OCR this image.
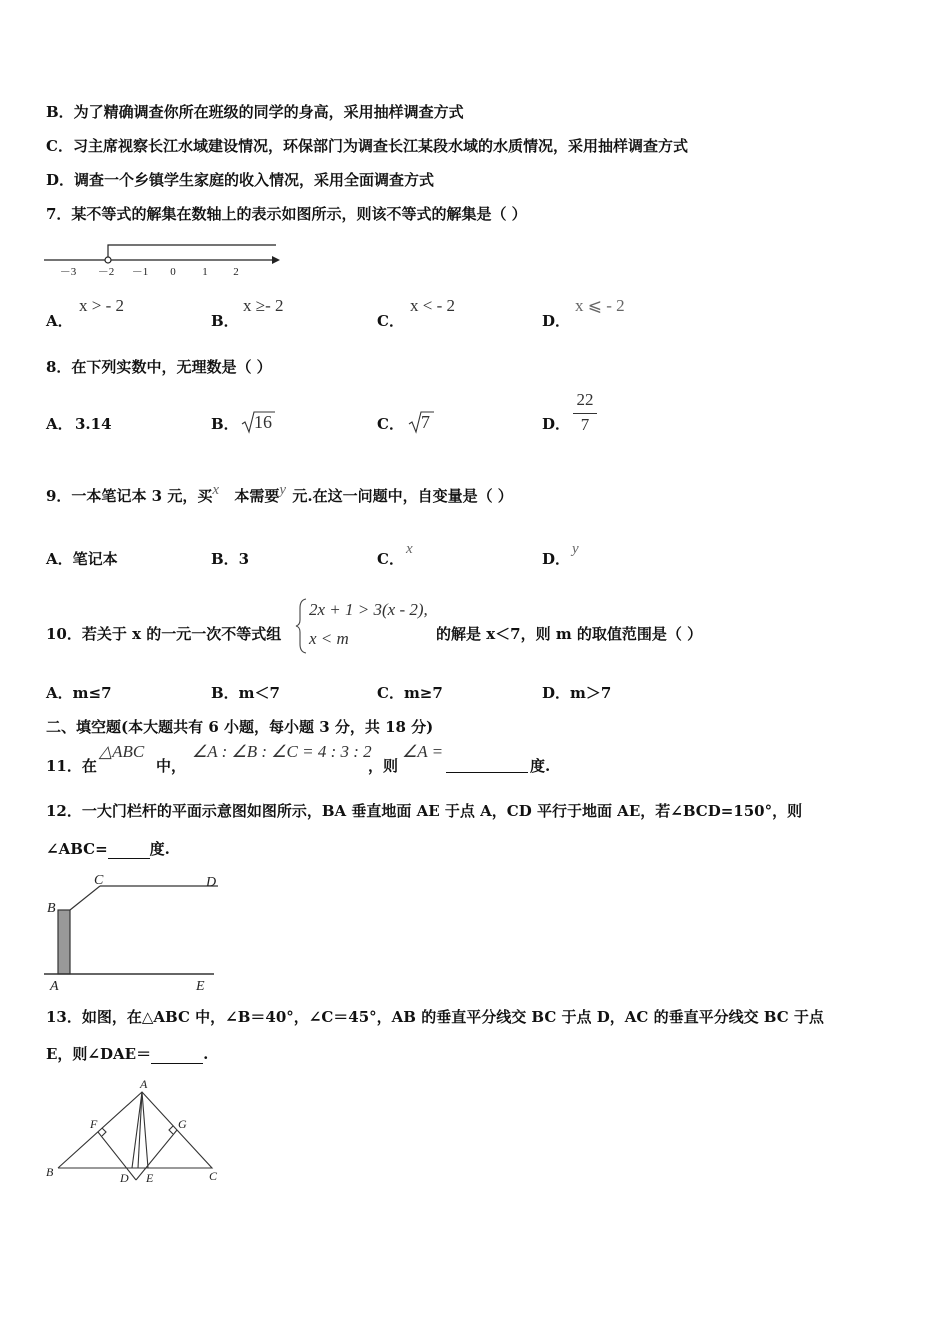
B．为了精确调查你所在班级的同学的身高，采用抽样调查方式
C．习主席视察长江水域建设情况，环保部门为调查长江某段水域的水质情况，采用抽样调查方式
D．调查一个乡镇学生家庭的收入情况，采用全面调查方式
7．某不等式的解集在数轴上的表示如图所示，则该不等式的解集是（ ）
－3 －2 －1 0 1 2
A．
x > - 2
B．
x ≥- 2
C．
x < - 2
D．
x ⩽ - 2
8．在下列实数中，无理数是（ ）
A． 3.14	B． 16	C． 7	D．
22
7
9．一本笔记本 3 元，买x 本需要y 元.在这一问题中，自变量是（ ）
A．笔记本	B．3	C．
x
D．
y
10．若关于 x 的一元一次不等式组
2x + 1 > 3(x - 2),
x < m	的解是 x＜7，则 m 的取值范围是（ ）
A．m≤7	B．m＜7	C．m≥7	D．m＞7
二、填空题(本大题共有 6 小题，每小题 3 分，共 18 分)
11．在
△ABC
中，
∠A : ∠B : ∠C = 4 : 3 : 2
，则
∠A =
度.
12．一大门栏杆的平面示意图如图所示，BA 垂直地面 AE 于点 A，CD 平行于地面 AE，若∠BCD=150°，则
∠ABC=	度.
B
C	D
A	E
13．如图，在△ABC 中，∠B＝40°，∠C＝45°，AB 的垂直平分线交 BC 于点 D，AC 的垂直平分线交 BC 于点
E，则∠DAE＝	.
A
B	C
D E
F	G
